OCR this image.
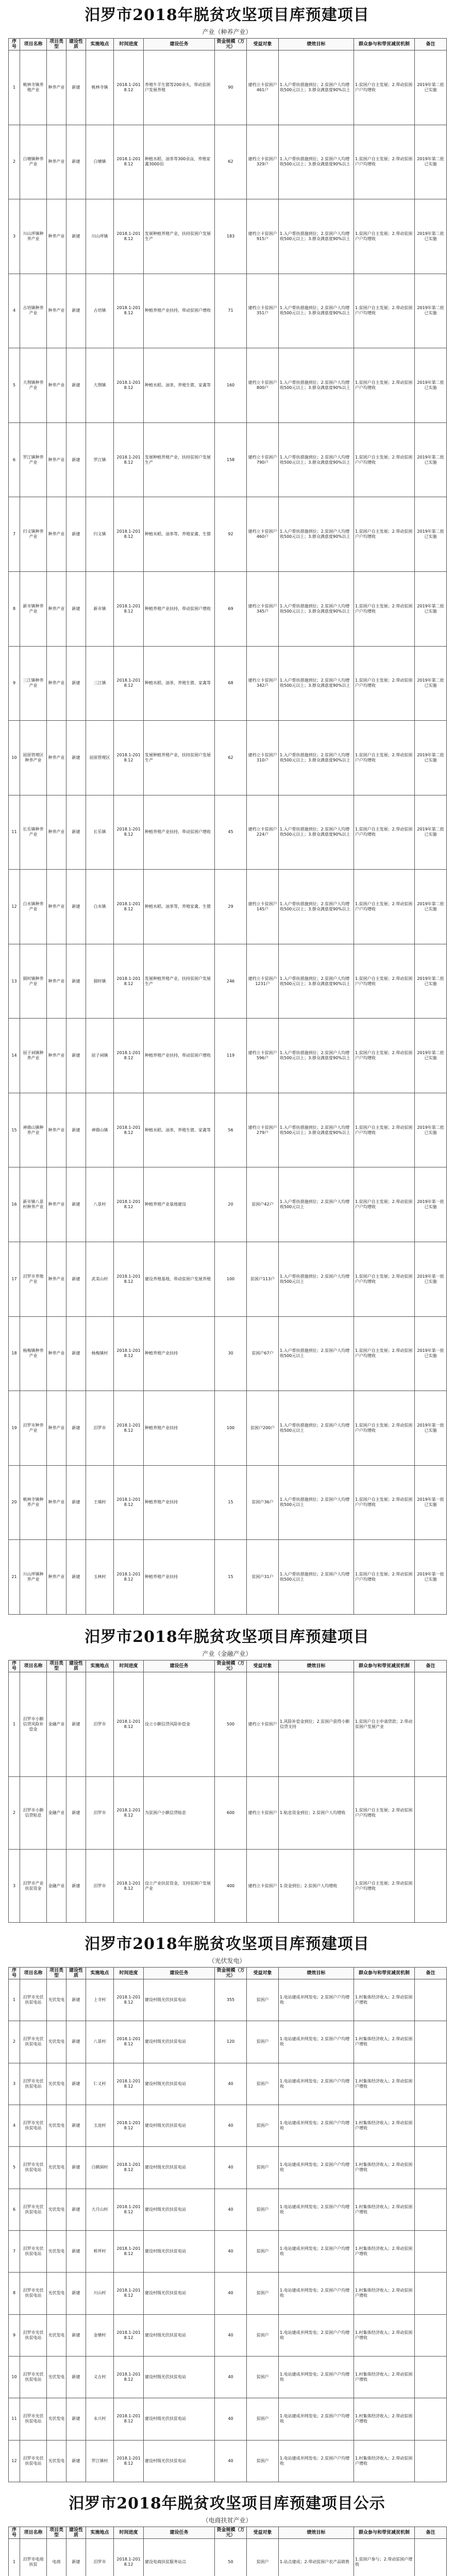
汨罗市2018年脱贫攻坚项目库预建项目
产业（种养产业）
序号	项目名称	项目类型	建设性质	实施地点	时间进度	建设任务	资金规模（万元）	受益对象	绩效目标	群众参与和带贫减贫机制	备注
1	桃林寺镇养殖产业	种养产业	新建	桃林寺镇	2018.1-2018.12	养殖牛羊生猪等200余头，带动贫困户发展养殖	90	建档立卡贫困户461户	1.入户帮扶措施到位；2.贫困户人均增收500元以上；3.群众满意度90%以上	1.贫困户自主发展；2.带动贫困户户均增收	2019年第二批已实施
2	白塘镇种养产业	种养产业	新建	白塘镇	2018.1-2018.12	种植水稻、油茶等300余亩，养殖家禽3000羽	62	建档立卡贫困户329户	1.入户帮扶措施到位；2.贫困户人均增收500元以上；3.群众满意度90%以上	1.贫困户自主发展；2.带动贫困户户均增收	2019年第二批已实施
3	川山坪镇种养产业	种养产业	新建	川山坪镇	2018.1-2018.12	发展种植养殖产业，扶持贫困户发展生产	183	建档立卡贫困户915户	1.入户帮扶措施到位；2.贫困户人均增收500元以上；3.群众满意度90%以上	1.贫困户自主发展；2.带动贫困户户均增收	2019年第二批已实施
4	古培镇种养产业	种养产业	新建	古培镇	2018.1-2018.12	种植养殖产业扶持，带动贫困户增收	71	建档立卡贫困户351户	1.入户帮扶措施到位；2.贫困户人均增收500元以上；3.群众满意度90%以上	1.贫困户自主发展；2.带动贫困户户均增收	2019年第二批已实施
5	大荆镇种养产业	种养产业	新建	大荆镇	2018.1-2018.12	种植水稻、油茶，养殖生猪、家禽等	160	建档立卡贫困户800户	1.入户帮扶措施到位；2.贫困户人均增收500元以上；3.群众满意度90%以上	1.贫困户自主发展；2.带动贫困户户均增收	2019年第二批已实施
6	罗江镇种养产业	种养产业	新建	罗江镇	2018.1-2018.12	发展种植养殖产业，扶持贫困户发展生产	158	建档立卡贫困户790户	1.入户帮扶措施到位；2.贫困户人均增收500元以上；3.群众满意度90%以上	1.贫困户自主发展；2.带动贫困户户均增收	2019年第二批已实施
7	归义镇种养产业	种养产业	新建	归义镇	2018.1-2018.12	种植水稻、油茶等，养殖家禽、生猪	92	建档立卡贫困户460户	1.入户帮扶措施到位；2.贫困户人均增收500元以上；3.群众满意度90%以上	1.贫困户自主发展；2.带动贫困户户均增收	2019年第二批已实施
8	新市镇种养产业	种养产业	新建	新市镇	2018.1-2018.12	种植养殖产业扶持，带动贫困户增收	69	建档立卡贫困户345户	1.入户帮扶措施到位；2.贫困户人均增收500元以上；3.群众满意度90%以上	1.贫困户自主发展；2.带动贫困户户均增收	2019年第二批已实施
9	三江镇种养产业	种养产业	新建	三江镇	2018.1-2018.12	种植水稻、油茶，养殖生猪、家禽等	68	建档立卡贫困户342户	1.入户帮扶措施到位；2.贫困户人均增收500元以上；3.群众满意度90%以上	1.贫困户自主发展；2.带动贫困户户均增收	2019年第二批已实施
10	屈原管理区种养产业	种养产业	新建	屈原管理区	2018.1-2018.12	发展种植养殖产业，扶持贫困户发展生产	62	建档立卡贫困户310户	1.入户帮扶措施到位；2.贫困户人均增收500元以上；3.群众满意度90%以上	1.贫困户自主发展；2.带动贫困户户均增收	2019年第二批已实施
11	长乐镇种养产业	种养产业	新建	长乐镇	2018.1-2018.12	种植养殖产业扶持，带动贫困户增收	45	建档立卡贫困户224户	1.入户帮扶措施到位；2.贫困户人均增收500元以上；3.群众满意度90%以上	1.贫困户自主发展；2.带动贫困户户均增收	2019年第二批已实施
12	白水镇种养产业	种养产业	新建	白水镇	2018.1-2018.12	种植水稻、油茶等，养殖家禽、生猪	29	建档立卡贫困户145户	1.入户帮扶措施到位；2.贫困户人均增收500元以上；3.群众满意度90%以上	1.贫困户自主发展；2.带动贫困户户均增收	2019年第二批已实施
13	弼时镇种养产业	种养产业	新建	弼时镇	2018.1-2018.12	发展种植养殖产业，扶持贫困户发展生产	246	建档立卡贫困户1231户	1.入户帮扶措施到位；2.贫困户人均增收500元以上；3.群众满意度90%以上	1.贫困户自主发展；2.带动贫困户户均增收	2019年第二批已实施
14	屈子祠镇种养产业	种养产业	新建	屈子祠镇	2018.1-2018.12	种植养殖产业扶持，带动贫困户增收	119	建档立卡贫困户596户	1.入户帮扶措施到位；2.贫困户人均增收500元以上；3.群众满意度90%以上	1.贫困户自主发展；2.带动贫困户户均增收	2019年第二批已实施
15	神鼎山镇种养产业	种养产业	新建	神鼎山镇	2018.1-2018.12	种植水稻、油茶，养殖生猪、家禽等	56	建档立卡贫困户279户	1.入户帮扶措施到位；2.贫困户人均增收500元以上；3.群众满意度90%以上	1.贫困户自主发展；2.带动贫困户户均增收	2019年第二批已实施
16	新市镇八景村种养产业	种养产业	新建	八景村	2018.1-2018.12	种植养殖产业基地建设	20	贫困户42户	1.入户帮扶措施到位；2.贫困户人均增收500元以上	1.贫困户自主发展；2.带动贫困户户均增收	2019年第一批已实施
17	汨罗市养殖产业	种养产业	新建	武美山村	2018.1-2018.12	建设养殖基地，带动贫困户发展养殖	100	贫困户113户	1.入户帮扶措施到位；2.贫困户人均增收500元以上	1.贫困户自主发展；2.带动贫困户户均增收	2019年第一批已实施
18	杨梅镇种养产业	种养产业	新建	杨梅镇村	2018.1-2018.12	种植养殖产业扶持	30	贫困户67户	1.入户帮扶措施到位；2.贫困户人均增收500元以上	1.贫困户自主发展；2.带动贫困户户均增收	2019年第一批已实施
19	汨罗市种养产业	种养产业	新建	汨罗市	2018.1-2018.12	种植养殖产业扶持	100	贫困户200户	1.入户帮扶措施到位；2.贫困户人均增收500元以上	1.贫困户自主发展；2.带动贫困户户均增收	2019年第一批已实施
20	桃林寺镇种养产业	种养产业	新建	王埔村	2018.1-2018.12	种植养殖产业扶持	15	贫困户36户	1.入户帮扶措施到位；2.贫困户人均增收500元以上	1.贫困户自主发展；2.带动贫困户户均增收	2019年第一批已实施
21	川山坪镇种养产业	种养产业	新建	玉林村	2018.1-2018.12	种植养殖产业扶持	15	贫困户31户	1.入户帮扶措施到位；2.贫困户人均增收500元以上	1.贫困户自主发展；2.带动贫困户户均增收	2019年第一批已实施
汨罗市2018年脱贫攻坚项目库预建项目
产业（金融产业）
序号	项目名称	项目类型	建设性质	实施地点	时间进度	建设任务	资金规模（万元）	受益对象	绩效目标	群众参与和带贫减贫机制	备注
1	汨罗市小额信贷风险补偿金	金融产业	新建	汨罗市	2018.1-2018.12	设立小额信贷风险补偿金	500	建档立卡贫困户	1.风险补偿金到位；2.贫困户获得小额信贷支持	1.贫困户自主申请贷款；2.带动贫困户发展产业	
2	汨罗市小额信贷贴息	金融产业	新建	汨罗市	2018.1-2018.12	为贫困户小额信贷贴息	600	建档立卡贫困户	1.贴息资金到位；2.贫困户人均增收	1.贫困户自主发展；2.带动贫困户户均增收	
3	汨罗市产业扶贫资金	金融产业	新建	汨罗市	2018.1-2018.12	设立产业扶贫资金，支持贫困户发展产业	400	建档立卡贫困户	1.资金到位；2.贫困户人均增收	1.贫困户自主发展；2.带动贫困户户均增收	
汨罗市2018年脱贫攻坚项目库预建项目
（光伏发电）
序号	项目名称	项目类型	建设性质	实施地点	时间进度	建设任务	资金规模（万元）	受益对象	绩效目标	群众参与和带贫减贫机制	备注
1	汨罗市光伏扶贫电站	光伏发电	新建	上寺村	2018.1-2018.12	建设村级光伏扶贫电站	355	贫困户	1.电站建成并网发电；2.贫困户户均增收	1.村集体经济收入；2.带动贫困户增收	
2	汨罗市光伏扶贫电站	光伏发电	新建	八景村	2018.1-2018.12	建设村级光伏扶贫电站	120	贫困户	1.电站建成并网发电；2.贫困户户均增收	1.村集体经济收入；2.带动贫困户增收	
3	汨罗市光伏扶贫电站	光伏发电	新建	仁义村	2018.1-2018.12	建设村级光伏扶贫电站	40	贫困户	1.电站建成并网发电；2.贫困户户均增收	1.村集体经济收入；2.带动贫困户增收	
4	汨罗市光伏扶贫电站	光伏发电	新建	玉池村	2018.1-2018.12	建设村级光伏扶贫电站	40	贫困户	1.电站建成并网发电；2.贫困户户均增收	1.村集体经济收入；2.带动贫困户增收	
5	汨罗市光伏扶贫电站	光伏发电	新建	白鹤洞村	2018.1-2018.12	建设村级光伏扶贫电站	40	贫困户	1.电站建成并网发电；2.贫困户户均增收	1.村集体经济收入；2.带动贫困户增收	
6	汨罗市光伏扶贫电站	光伏发电	新建	大月山村	2018.1-2018.12	建设村级光伏扶贫电站	40	贫困户	1.电站建成并网发电；2.贫困户户均增收	1.村集体经济收入；2.带动贫困户增收	
7	汨罗市光伏扶贫电站	光伏发电	新建	桥坪村	2018.1-2018.12	建设村级光伏扶贫电站	40	贫困户	1.电站建成并网发电；2.贫困户户均增收	1.村集体经济收入；2.带动贫困户增收	
8	汨罗市光伏扶贫电站	光伏发电	新建	川山村	2018.1-2018.12	建设村级光伏扶贫电站	40	贫困户	1.电站建成并网发电；2.贫困户户均增收	1.村集体经济收入；2.带动贫困户增收	
9	汨罗市光伏扶贫电站	光伏发电	新建	金塘村	2018.1-2018.12	建设村级光伏扶贫电站	40	贫困户	1.电站建成并网发电；2.贫困户户均增收	1.村集体经济收入；2.带动贫困户增收	
10	汨罗市光伏扶贫电站	光伏发电	新建	义古村	2018.1-2018.12	建设村级光伏扶贫电站	40	贫困户	1.电站建成并网发电；2.贫困户户均增收	1.村集体经济收入；2.带动贫困户增收	
11	汨罗市光伏扶贫电站	光伏发电	新建	永兴村	2018.1-2018.12	建设村级光伏扶贫电站	40	贫困户	1.电站建成并网发电；2.贫困户户均增收	1.村集体经济收入；2.带动贫困户增收	
12	汨罗市光伏扶贫电站	光伏发电	新建	罗江镇村	2018.1-2018.12	建设村级光伏扶贫电站	40	贫困户	1.电站建成并网发电；2.贫困户户均增收	1.村集体经济收入；2.带动贫困户增收	
汨罗市2018年脱贫攻坚项目库预建项目公示
（电商扶贫产业）
序号	项目名称	项目类型	建设性质	实施地点	时间进度	建设任务	资金规模（万元）	受益对象	绩效目标	群众参与和带贫减贫机制	备注
1	汨罗市电商扶贫	电商	新建	汨罗市	2018.1-2018.12	建设电商扶贫服务站点	50	贫困户	1.站点建成；2.带动贫困户农产品销售	1.贫困户参与；2.带动贫困户增收	
